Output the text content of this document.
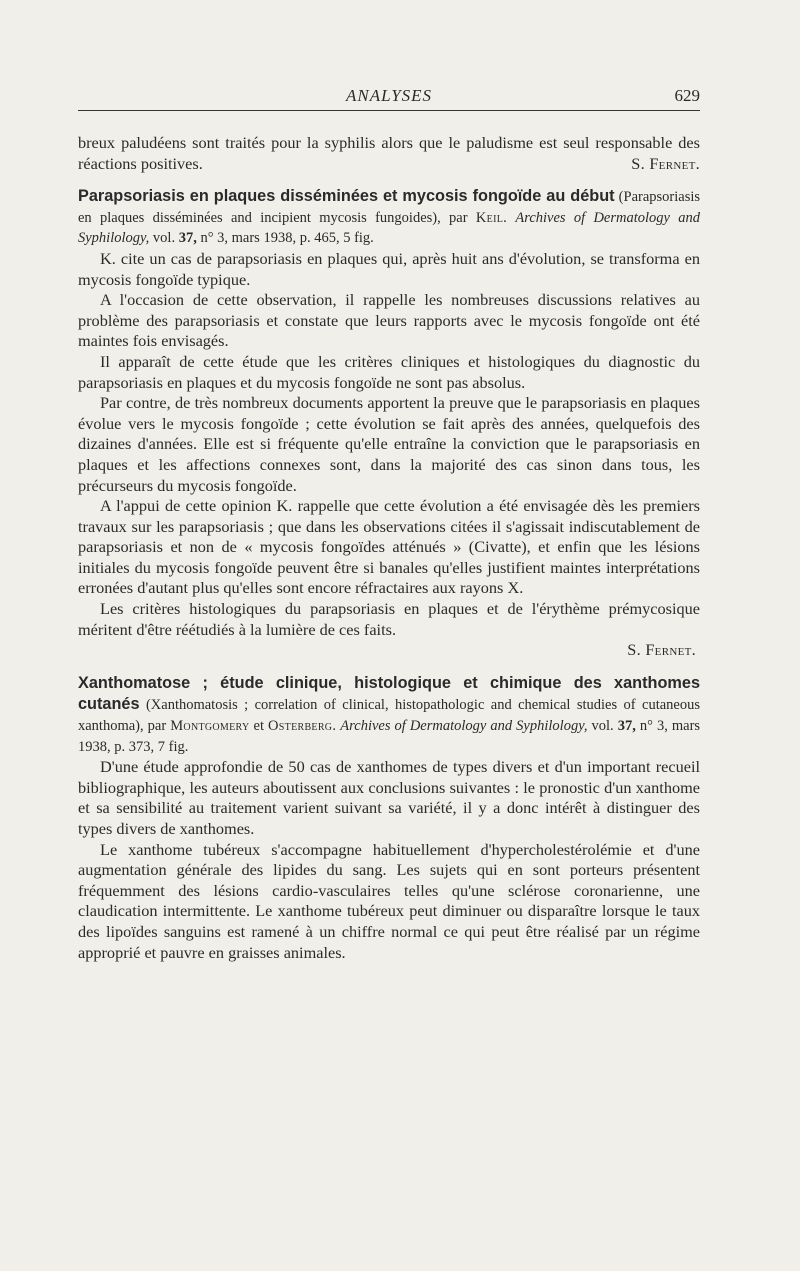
ANALYSES	629

breux paludéens sont traités pour la syphilis alors que le paludisme est seul responsable des réactions positives.	S. Fernet.

Parapsoriasis en plaques disséminées et mycosis fongoïde au début (Parapsoriasis en plaques disséminées and incipient mycosis fungoides), par Keil. Archives of Dermatology and Syphilology, vol. 37, n° 3, mars 1938, p. 465, 5 fig.

K. cite un cas de parapsoriasis en plaques qui, après huit ans d'évolution, se transforma en mycosis fongoïde typique.

A l'occasion de cette observation, il rappelle les nombreuses discussions relatives au problème des parapsoriasis et constate que leurs rapports avec le mycosis fongoïde ont été maintes fois envisagés.

Il apparaît de cette étude que les critères cliniques et histologiques du diagnostic du parapsoriasis en plaques et du mycosis fongoïde ne sont pas absolus.

Par contre, de très nombreux documents apportent la preuve que le parapsoriasis en plaques évolue vers le mycosis fongoïde ; cette évolution se fait après des années, quelquefois des dizaines d'années. Elle est si fréquente qu'elle entraîne la conviction que le parapsoriasis en plaques et les affections connexes sont, dans la majorité des cas sinon dans tous, les précurseurs du mycosis fongoïde.

A l'appui de cette opinion K. rappelle que cette évolution a été envisagée dès les premiers travaux sur les parapsoriasis ; que dans les observations citées il s'agissait indiscutablement de parapsoriasis et non de « mycosis fongoïdes atténués » (Civatte), et enfin que les lésions initiales du mycosis fongoïde peuvent être si banales qu'elles justifient maintes interprétations erronées d'autant plus qu'elles sont encore réfractaires aux rayons X.

Les critères histologiques du parapsoriasis en plaques et de l'érythème prémycosique méritent d'être réétudiés à la lumière de ces faits.

S. Fernet.
Xanthomatose ; étude clinique, histologique et chimique des xanthomes cutanés (Xanthomatosis ; correlation of clinical, histopathologic and chemical studies of cutaneous xanthoma), par Montgomery et Osterberg. Archives of Dermatology and Syphilology, vol. 37, n° 3, mars 1938, p. 373, 7 fig.

D'une étude approfondie de 50 cas de xanthomes de types divers et d'un important recueil bibliographique, les auteurs aboutissent aux conclusions suivantes : le pronostic d'un xanthome et sa sensibilité au traitement varient suivant sa variété, il y a donc intérêt à distinguer des types divers de xanthomes.

Le xanthome tubéreux s'accompagne habituellement d'hypercholestérolémie et d'une augmentation générale des lipides du sang. Les sujets qui en sont porteurs présentent fréquemment des lésions cardio-vasculaires telles qu'une sclérose coronarienne, une claudication intermittente. Le xanthome tubéreux peut diminuer ou disparaître lorsque le taux des lipoïdes sanguins est ramené à un chiffre normal ce qui peut être réalisé par un régime approprié et pauvre en graisses animales.
